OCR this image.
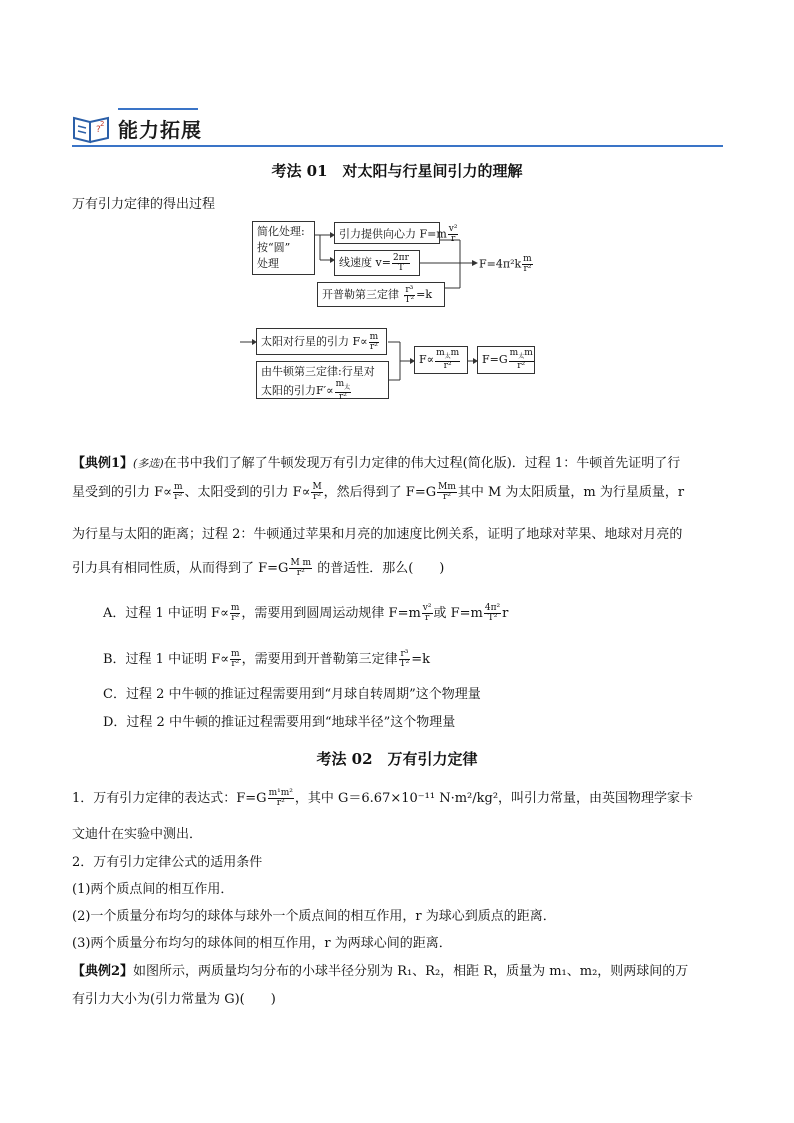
?
2 能力拓展
考法 01　对太阳与行星间引力的理解
万有引力定律的得出过程
简化处理:
按“圆”
处理
引力提供向心力 $F=m \frac{\text{v²}}{r}$
线速度 $v= \frac{2\pi r}{T}$
开普勒第三定律 $\frac{\text{r³}}{\text{T²}} =k$
$F=4\pi^2k \frac{m}{\text{r²}}$
太阳对行星的引力 $F\propto \frac{m}{\text{r²}}$
由牛顿第三定律:行星对
太阳的引力$F'\propto \frac{m_太}{\text{r²}}$
$F\propto \frac{m_太m}{\text{r²}}$	$F=G \frac{m_太m}{\text{r²}}$
【典例1】(多选)在书中我们了解了牛顿发现万有引力定律的伟大过程(简化版)．过程 1：牛顿首先证明了行
星受到的引力 $F\propto \frac{m}{\text{r²}}$ 、太阳受到的引力 $F\propto \frac{M}{\text{r²}}$ ，然后得到了 $F=G \frac{Mm}{\text{r²}}$ 其中 M 为太阳质量，m 为行星质量，r
为行星与太阳的距离；过程 2：牛顿通过苹果和月亮的加速度比例关系，证明了地球对苹果、地球对月亮的
引力具有相同性质，从而得到了 $F=G \frac{\text{M m}}{\text{r²}}$ 的普适性．那么(　　)
A．过程 1 中证明 $F\propto \frac{m}{\text{r²}}$ ，需要用到圆周运动规律 $F=m \frac{\text{v²}}{r}$ 或 $F=m \frac{\text{4π²}}{\text{T²}}$ r
B．过程 1 中证明 $F\propto \frac{m}{\text{r²}}$ ，需要用到开普勒第三定律 $\frac{\text{r³}}{\text{T²}} =k$
C．过程 2 中牛顿的推证过程需要用到“月球自转周期”这个物理量
D．过程 2 中牛顿的推证过程需要用到“地球半径”这个物理量
考法 02　万有引力定律
1．万有引力定律的表达式：$F=G \frac{\text{m¹m²}}{\text{r²}}$ ，其中 G＝6.67×10⁻¹¹ N·m²/kg²，叫引力常量，由英国物理学家卡
文迪什在实验中测出．
2．万有引力定律公式的适用条件
(1)两个质点间的相互作用．
(2)一个质量分布均匀的球体与球外一个质点间的相互作用，r 为球心到质点的距离．
(3)两个质量分布均匀的球体间的相互作用，r 为两球心间的距离．
【典例2】如图所示，两质量均匀分布的小球半径分别为 R₁、R₂，相距 R，质量为 m₁、m₂，则两球间的万
有引力大小为(引力常量为 G)(　　)
